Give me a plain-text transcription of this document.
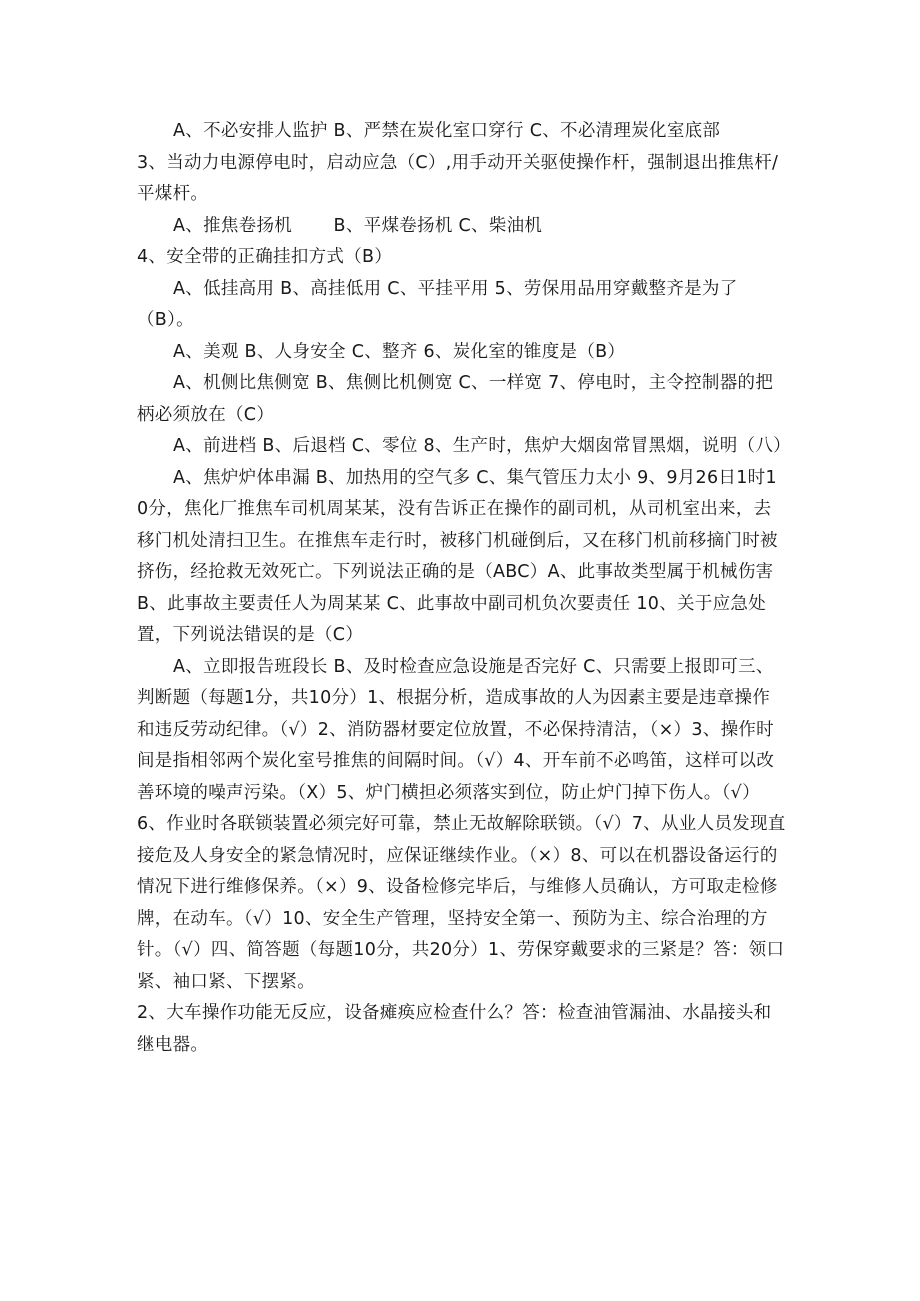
A、不必安排人监护 B、严禁在炭化室口穿行 C、不必清理炭化室底部

3、当动力电源停电时，启动应急（C）,用手动开关驱使操作杆，强制退出推焦杆/平煤杆。

A、推焦卷扬机　　 B、平煤卷扬机 C、柴油机

4、安全带的正确挂扣方式（B）

A、低挂高用 B、高挂低用 C、平挂平用 5、劳保用品用穿戴整齐是为了（B）。

A、美观 B、人身安全 C、整齐 6、炭化室的锥度是（B）

A、机侧比焦侧宽 B、焦侧比机侧宽 C、一样宽 7、停电时，主令控制器的把柄必须放在（C）

A、前进档 B、后退档 C、零位 8、生产时，焦炉大烟囱常冒黑烟，说明（八）

A、焦炉炉体串漏 B、加热用的空气多 C、集气管压力太小 9、9月26日1时10分，焦化厂推焦车司机周某某，没有告诉正在操作的副司机，从司机室出来，去移门机处清扫卫生。在推焦车走行时，被移门机碰倒后，又在移门机前移摘门时被挤伤，经抢救无效死亡。下列说法正确的是（ABC）A、此事故类型属于机械伤害 B、此事故主要责任人为周某某 C、此事故中副司机负次要责任 10、关于应急处置，下列说法错误的是（C）

A、立即报告班段长 B、及时检查应急设施是否完好 C、只需要上报即可三、判断题（每题1分，共10分）1、根据分析，造成事故的人为因素主要是违章操作和违反劳动纪律。（√）2、消防器材要定位放置，不必保持清洁，（×）3、操作时间是指相邻两个炭化室号推焦的间隔时间。（√）4、开车前不必鸣笛，这样可以改善环境的噪声污染。（X）5、炉门横担必须落实到位，防止炉门掉下伤人。（√）6、作业时各联锁装置必须完好可靠，禁止无故解除联锁。（√）7、从业人员发现直接危及人身安全的紧急情况时，应保证继续作业。（×）8、可以在机器设备运行的情况下进行维修保养。（×）9、设备检修完毕后，与维修人员确认，方可取走检修牌，在动车。（√）10、安全生产管理，坚持安全第一、预防为主、综合治理的方针。（√）四、简答题（每题10分，共20分）1、劳保穿戴要求的三紧是？答：领口紧、袖口紧、下摆紧。

2、大车操作功能无反应，设备瘫痪应检查什么？答：检查油管漏油、水晶接头和继电器。
